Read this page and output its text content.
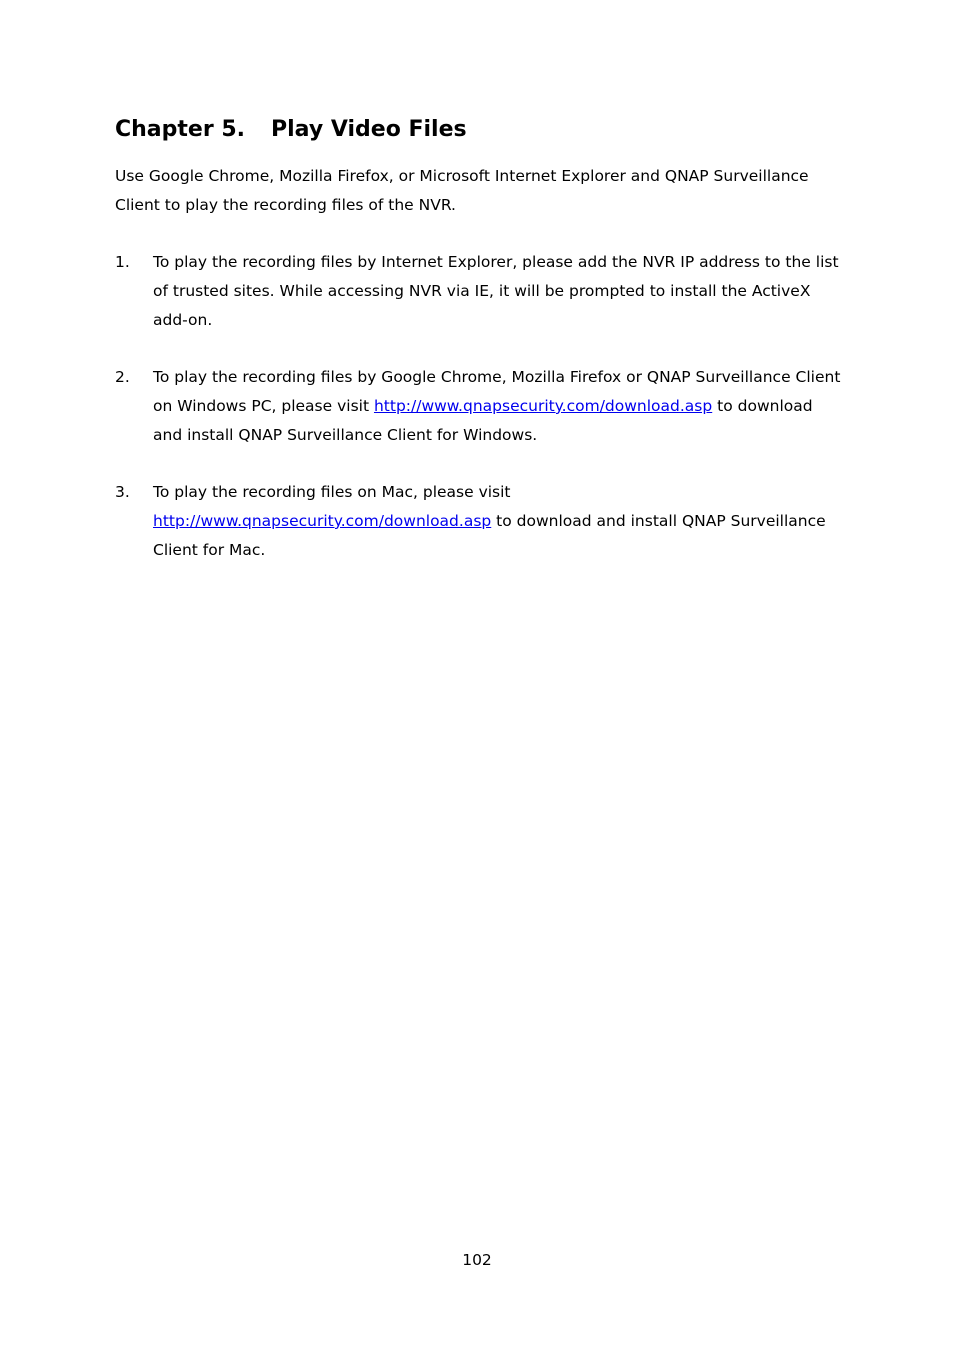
Chapter 5. Play Video Files

Use Google Chrome, Mozilla Firefox, or Microsoft Internet Explorer and QNAP Surveillance Client to play the recording files of the NVR.

1. To play the recording files by Internet Explorer, please add the NVR IP address to the list of trusted sites. While accessing NVR via IE, it will be prompted to install the ActiveX add-on.
2. To play the recording files by Google Chrome, Mozilla Firefox or QNAP Surveillance Client on Windows PC, please visit http://www.qnapsecurity.com/download.asp to download and install QNAP Surveillance Client for Windows.
3. To play the recording files on Mac, please visit
http://www.qnapsecurity.com/download.asp to download and install QNAP Surveillance Client for Mac.
102
